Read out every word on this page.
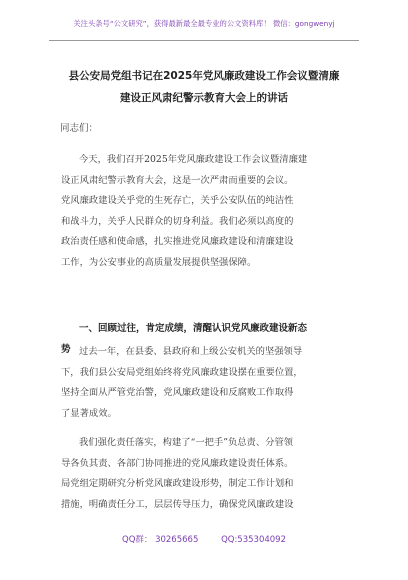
关注头条号“公文研究”，获得最新最全最专业的公文资料库！ 微信：gongwenyj
县公安局党组书记在2025年党风廉政建设工作会议暨清廉
建设正风肃纪警示教育大会上的讲话
同志们：
今天，我们召开2025年党风廉政建设工作会议暨清廉建
设正风肃纪警示教育大会，这是一次严肃而重要的会议。
党风廉政建设关乎党的生死存亡，关乎公安队伍的纯洁性
和战斗力，关乎人民群众的切身利益。我们必须以高度的
政治责任感和使命感，扎实推进党风廉政建设和清廉建设
工作，为公安事业的高质量发展提供坚强保障。
一、回顾过往，肯定成绩，清醒认识党风廉政建设新态
势 过去一年，在县委、县政府和上级公安机关的坚强领导
下，我们县公安局党组始终将党风廉政建设摆在重要位置，
坚持全面从严管党治警，党风廉政建设和反腐败工作取得
了显著成效。
我们强化责任落实，构建了“一把手”负总责、分管领
导各负其责、各部门协同推进的党风廉政建设责任体系。
局党组定期研究分析党风廉政建设形势，制定工作计划和
措施，明确责任分工，层层传导压力，确保党风廉政建设
QQ群： 30265665	QQ:535304092
